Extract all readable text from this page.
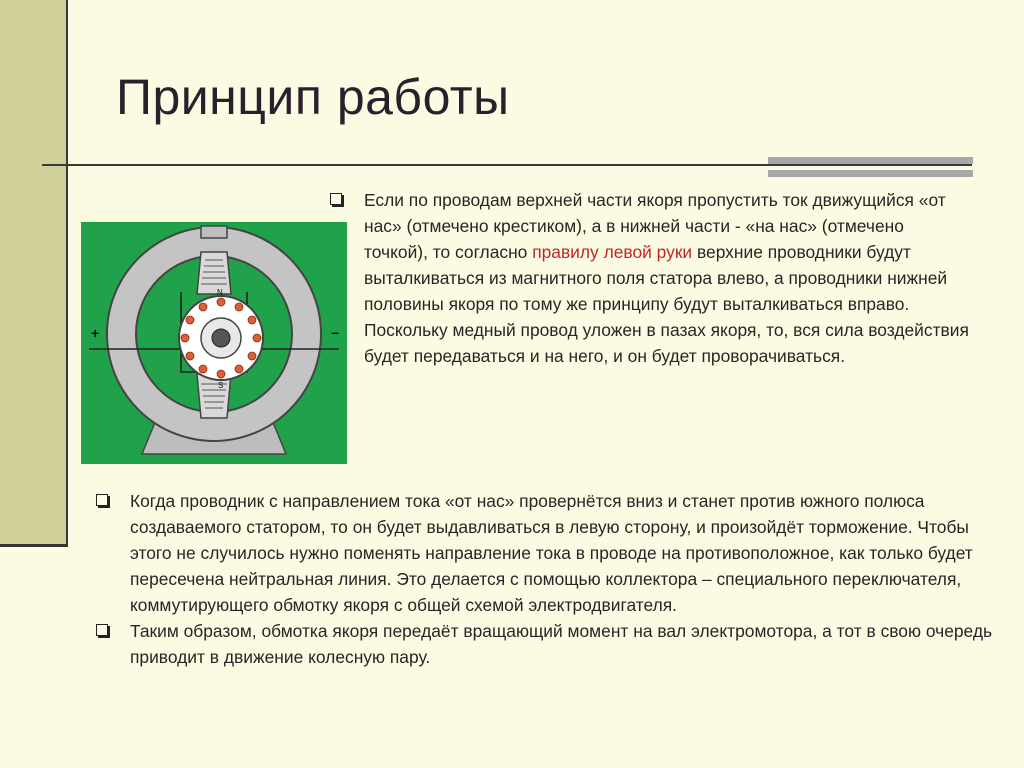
Принцип работы
+	−
N
S
Если по проводам верхней части якоря пропустить ток движущийся «от нас» (отмечено крестиком), а в нижней части - «на нас» (отмечено точкой), то согласно правилу левой руки верхние проводники будут выталкиваться из магнитного поля статора влево, а проводники нижней половины якоря по тому же принципу будут выталкиваться вправо. Поскольку медный провод уложен в пазах якоря, то, вся сила воздействия будет передаваться и на него, и он будет проворачиваться.
Когда проводник с направлением тока «от нас» провернётся вниз и станет против южного полюса создаваемого статором, то он будет выдавливаться в левую сторону, и произойдёт торможение. Чтобы этого не случилось нужно поменять направление тока в проводе на противоположное, как только будет пересечена нейтральная линия. Это делается с помощью коллектора – специального переключателя, коммутирующего обмотку якоря с общей схемой электродвигателя.
Таким образом, обмотка якоря передаёт вращающий момент на вал электромотора, а тот в свою очередь приводит в движение колесную пару.
